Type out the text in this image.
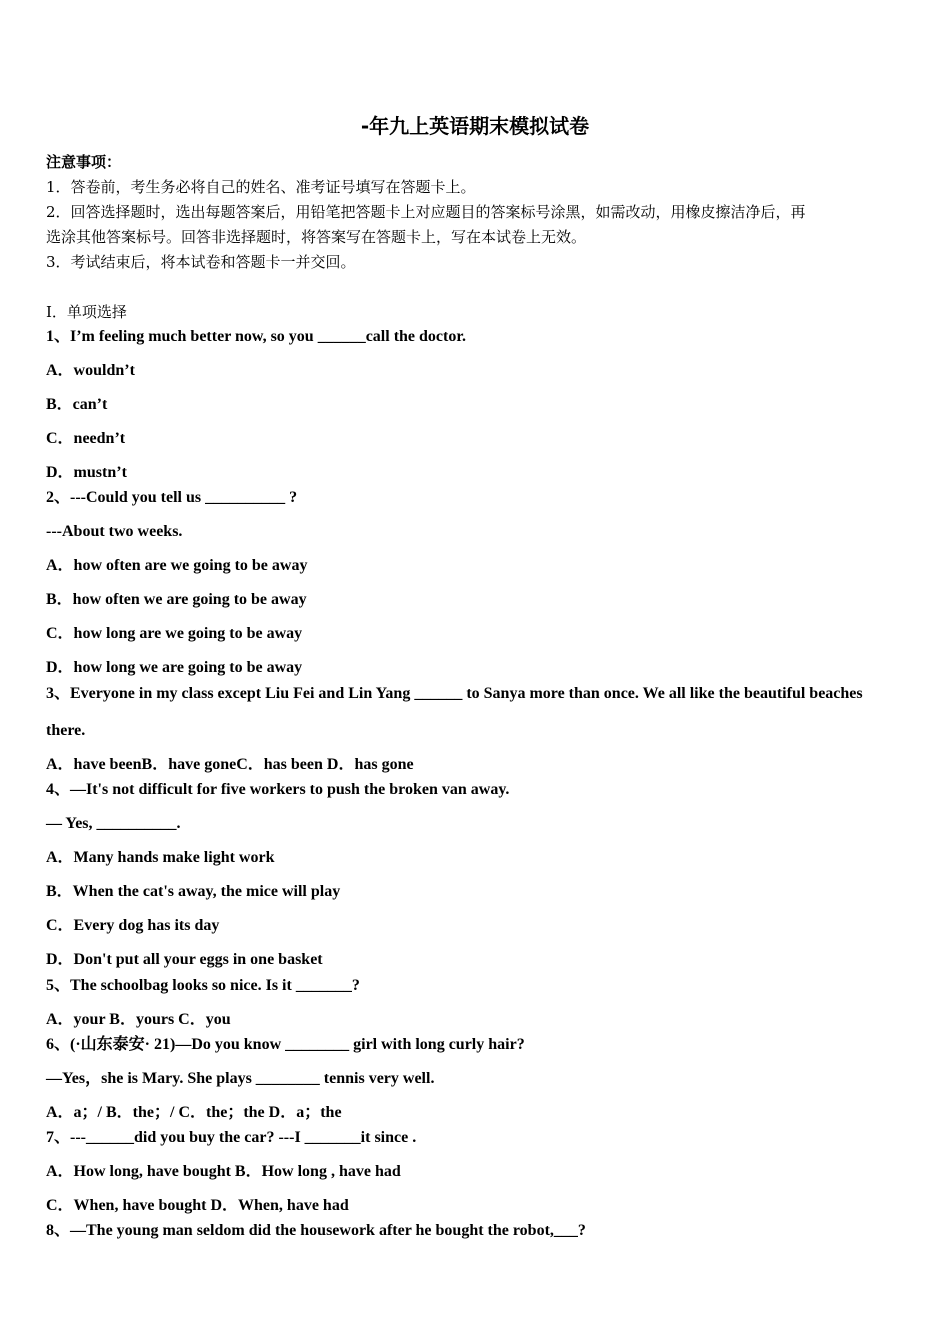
-年九上英语期末模拟试卷
注意事项：
1．答卷前，考生务必将自己的姓名、准考证号填写在答题卡上。
2．回答选择题时，选出每题答案后，用铅笔把答题卡上对应题目的答案标号涂黑，如需改动，用橡皮擦洁净后，再
选涂其他答案标号。回答非选择题时，将答案写在答题卡上，写在本试卷上无效。
3．考试结束后，将本试卷和答题卡一并交回。
Ⅰ．单项选择
1、I’m feeling much better now, so you ______call the doctor.
A．wouldn’t
B．can’t
C．needn’t
D．mustn’t
2、---Could you tell us __________ ?
---About two weeks.
A．how often are we going to be away
B．how often we are going to be away
C．how long are we going to be away
D．how long we are going to be away
3、Everyone in my class except Liu Fei and Lin Yang ______ to Sanya more than once. We all like the beautiful beaches
there.
A．have beenB．have goneC．has been D．has gone
4、—It's not difficult for five workers to push the broken van away.
— Yes, __________.
A．Many hands make light work
B．When the cat's away, the mice will play
C．Every dog has its day
D．Don't put all your eggs in one basket
5、The schoolbag looks so nice. Is it _______?
A．your B．yours C．you
6、(·山东泰安· 21)—Do you know ________ girl with long curly hair?
—Yes，she is Mary. She plays ________ tennis very well.
A．a；/ B．the；/ C．the；the D．a；the
7、---______did you buy the car? ---I _______it since .
A．How long, have bought B．How long , have had
C．When, have bought D．When, have had
8、—The young man seldom did the housework after he bought the robot,___?
